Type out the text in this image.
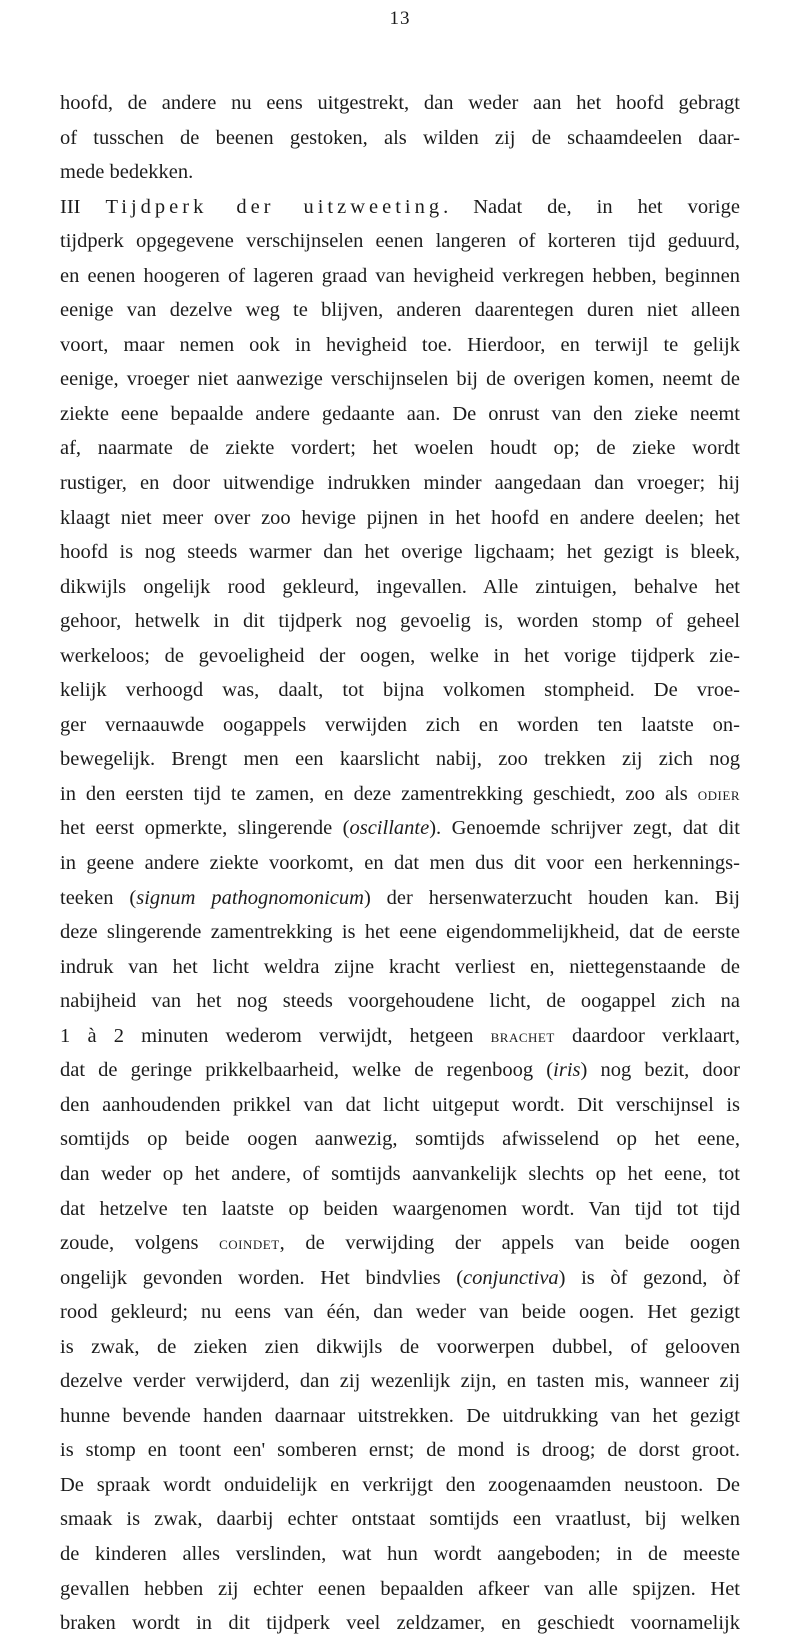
13
hoofd, de andere nu eens uitgestrekt, dan weder aan het hoofd gebragt
of tusschen de beenen gestoken, als wilden zij de schaamdeelen daar-
mede bedekken.
III Tijdperk der uitzweeting. Nadat de, in het vorige
tijdperk opgegevene verschijnselen eenen langeren of korteren tijd geduurd,
en eenen hoogeren of lageren graad van hevigheid verkregen hebben, beginnen
eenige van dezelve weg te blijven, anderen daarentegen duren niet alleen
voort, maar nemen ook in hevigheid toe. Hierdoor, en terwijl te gelijk
eenige, vroeger niet aanwezige verschijnselen bij de overigen komen, neemt de
ziekte eene bepaalde andere gedaante aan. De onrust van den zieke neemt
af, naarmate de ziekte vordert; het woelen houdt op; de zieke wordt
rustiger, en door uitwendige indrukken minder aangedaan dan vroeger; hij
klaagt niet meer over zoo hevige pijnen in het hoofd en andere deelen; het
hoofd is nog steeds warmer dan het overige ligchaam; het gezigt is bleek,
dikwijls ongelijk rood gekleurd, ingevallen. Alle zintuigen, behalve het
gehoor, hetwelk in dit tijdperk nog gevoelig is, worden stomp of geheel
werkeloos; de gevoeligheid der oogen, welke in het vorige tijdperk zie-
kelijk verhoogd was, daalt, tot bijna volkomen stompheid. De vroe-
ger vernaauwde oogappels verwijden zich en worden ten laatste on-
bewegelijk. Brengt men een kaarslicht nabij, zoo trekken zij zich nog
in den eersten tijd te zamen, en deze zamentrekking geschiedt, zoo als odier
het eerst opmerkte, slingerende (oscillante). Genoemde schrijver zegt, dat dit
in geene andere ziekte voorkomt, en dat men dus dit voor een herkennings-
teeken (signum pathognomonicum) der hersenwaterzucht houden kan. Bij
deze slingerende zamentrekking is het eene eigendommelijkheid, dat de eerste
indruk van het licht weldra zijne kracht verliest en, niettegenstaande de
nabijheid van het nog steeds voorgehoudene licht, de oogappel zich na
1 à 2 minuten wederom verwijdt, hetgeen brachet daardoor verklaart,
dat de geringe prikkelbaarheid, welke de regenboog (iris) nog bezit, door
den aanhoudenden prikkel van dat licht uitgeput wordt. Dit verschijnsel is
somtijds op beide oogen aanwezig, somtijds afwisselend op het eene,
dan weder op het andere, of somtijds aanvankelijk slechts op het eene, tot
dat hetzelve ten laatste op beiden waargenomen wordt. Van tijd tot tijd
zoude, volgens coindet, de verwijding der appels van beide oogen
ongelijk gevonden worden. Het bindvlies (conjunctiva) is òf gezond, òf
rood gekleurd; nu eens van één, dan weder van beide oogen. Het gezigt
is zwak, de zieken zien dikwijls de voorwerpen dubbel, of gelooven
dezelve verder verwijderd, dan zij wezenlijk zijn, en tasten mis, wanneer zij
hunne bevende handen daarnaar uitstrekken. De uitdrukking van het gezigt
is stomp en toont een' somberen ernst; de mond is droog; de dorst groot.
De spraak wordt onduidelijk en verkrijgt den zoogenaamden neustoon. De
smaak is zwak, daarbij echter ontstaat somtijds een vraatlust, bij welken
de kinderen alles verslinden, wat hun wordt aangeboden; in de meeste
gevallen hebben zij echter eenen bepaalden afkeer van alle spijzen. Het
braken wordt in dit tijdperk veel zeldzamer, en geschiedt voornamelijk
